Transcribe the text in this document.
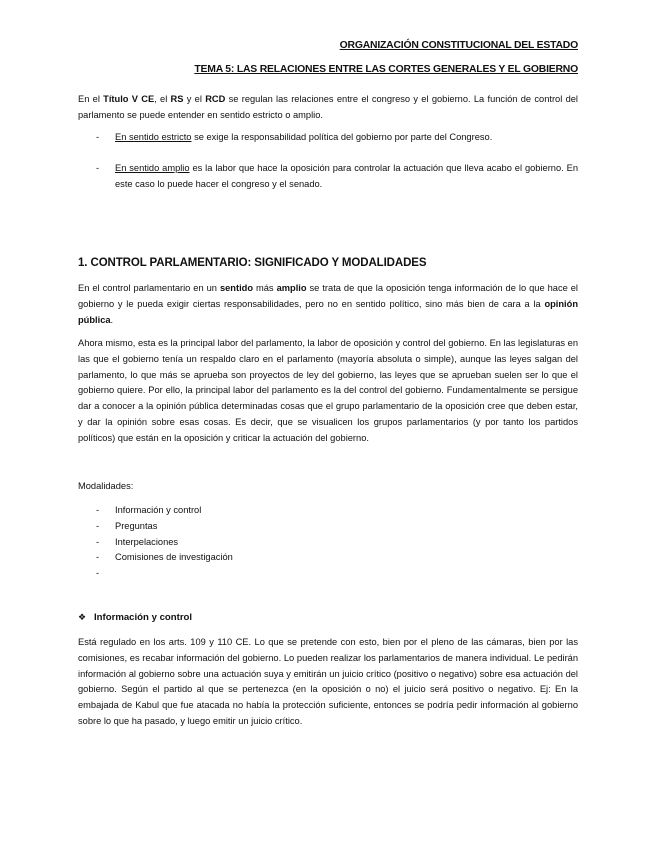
ORGANIZACIÓN CONSTITUCIONAL DEL ESTADO
TEMA 5: LAS RELACIONES ENTRE LAS CORTES GENERALES Y EL GOBIERNO
En el Título V CE, el RS y el RCD se regulan las relaciones entre el congreso y el gobierno. La función de control del parlamento se puede entender en sentido estricto o amplio.
- En sentido estricto se exige la responsabilidad política del gobierno por parte del Congreso.
- En sentido amplio es la labor que hace la oposición para controlar la actuación que lleva acabo el gobierno. En este caso lo puede hacer el congreso y el senado.
1. CONTROL PARLAMENTARIO: SIGNIFICADO Y MODALIDADES
En el control parlamentario en un sentido más amplio se trata de que la oposición tenga información de lo que hace el gobierno y le pueda exigir ciertas responsabilidades, pero no en sentido político, sino más bien de cara a la opinión pública.
Ahora mismo, esta es la principal labor del parlamento, la labor de oposición y control del gobierno. En las legislaturas en las que el gobierno tenía un respaldo claro en el parlamento (mayoría absoluta o simple), aunque las leyes salgan del parlamento, lo que más se aprueba son proyectos de ley del gobierno, las leyes que se aprueban suelen ser lo que el gobierno quiere. Por ello, la principal labor del parlamento es la del control del gobierno. Fundamentalmente se persigue dar a conocer a la opinión pública determinadas cosas que el grupo parlamentario de la oposición cree que deben estar, y dar la opinión sobre esas cosas. Es decir, que se visualicen los grupos parlamentarios (y por tanto los partidos políticos) que están en la oposición y criticar la actuación del gobierno.
Modalidades:
- Información y control
- Preguntas
- Interpelaciones
- Comisiones de investigación
-
❖ Información y control
Está regulado en los arts. 109 y 110 CE. Lo que se pretende con esto, bien por el pleno de las cámaras, bien por las comisiones, es recabar información del gobierno. Lo pueden realizar los parlamentarios de manera individual. Le pedirán información al gobierno sobre una actuación suya y emitirán un juicio crítico (positivo o negativo) sobre esa actuación del gobierno. Según el partido al que se pertenezca (en la oposición o no) el juicio será positivo o negativo. Ej: En la embajada de Kabul que fue atacada no había la protección suficiente, entonces se podría pedir información al gobierno sobre lo que ha pasado, y luego emitir un juicio crítico.
